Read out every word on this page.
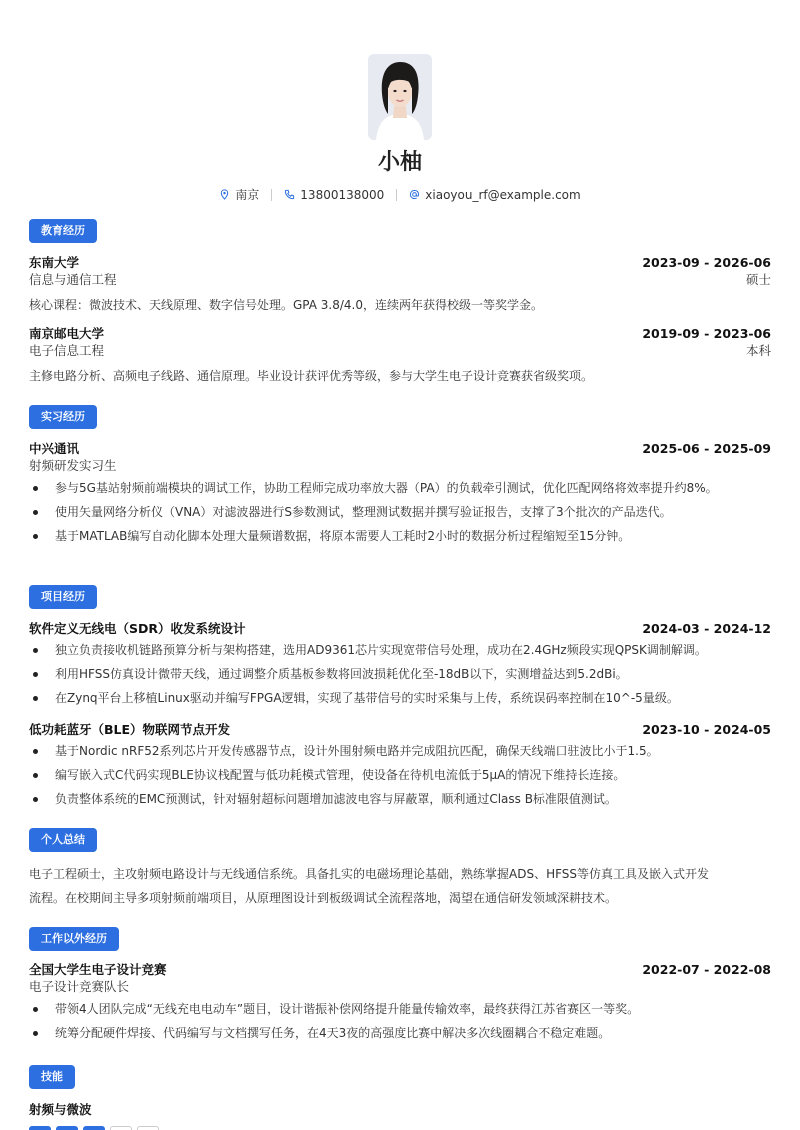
小柚
南京	13800138000	xiaoyou_rf@example.com
教育经历
东南大学	2023-09 - 2026-06
信息与通信工程	硕士
核心课程：微波技术、天线原理、数字信号处理。GPA 3.8/4.0，连续两年获得校级一等奖学金。
南京邮电大学	2019-09 - 2023-06
电子信息工程	本科
主修电路分析、高频电子线路、通信原理。毕业设计获评优秀等级，参与大学生电子设计竞赛获省级奖项。
实习经历
中兴通讯	2025-06 - 2025-09
射频研发实习生
参与5G基站射频前端模块的调试工作，协助工程师完成功率放大器（PA）的负载牵引测试，优化匹配网络将效率提升约8%。
使用矢量网络分析仪（VNA）对滤波器进行S参数测试，整理测试数据并撰写验证报告，支撑了3个批次的产品迭代。
基于MATLAB编写自动化脚本处理大量频谱数据，将原本需要人工耗时2小时的数据分析过程缩短至15分钟。
项目经历
软件定义无线电（SDR）收发系统设计	2024-03 - 2024-12
独立负责接收机链路预算分析与架构搭建，选用AD9361芯片实现宽带信号处理，成功在2.4GHz频段实现QPSK调制解调。
利用HFSS仿真设计微带天线，通过调整介质基板参数将回波损耗优化至-18dB以下，实测增益达到5.2dBi。
在Zynq平台上移植Linux驱动并编写FPGA逻辑，实现了基带信号的实时采集与上传，系统误码率控制在10^-5量级。
低功耗蓝牙（BLE）物联网节点开发	2023-10 - 2024-05
基于Nordic nRF52系列芯片开发传感器节点，设计外围射频电路并完成阻抗匹配，确保天线端口驻波比小于1.5。
编写嵌入式C代码实现BLE协议栈配置与低功耗模式管理，使设备在待机电流低于5μA的情况下维持长连接。
负责整体系统的EMC预测试，针对辐射超标问题增加滤波电容与屏蔽罩，顺利通过Class B标准限值测试。
个人总结
电子工程硕士，主攻射频电路设计与无线通信系统。具备扎实的电磁场理论基础，熟练掌握ADS、HFSS等仿真工具及嵌入式开发
流程。在校期间主导多项射频前端项目，从原理图设计到板级调试全流程落地，渴望在通信研发领域深耕技术。
工作以外经历
全国大学生电子设计竞赛	2022-07 - 2022-08
电子设计竞赛队长
带领4人团队完成“无线充电电动车”题目，设计谐振补偿网络提升能量传输效率，最终获得江苏省赛区一等奖。
统筹分配硬件焊接、代码编写与文档撰写任务，在4天3夜的高强度比赛中解决多次线圈耦合不稳定难题。
技能
射频与微波
